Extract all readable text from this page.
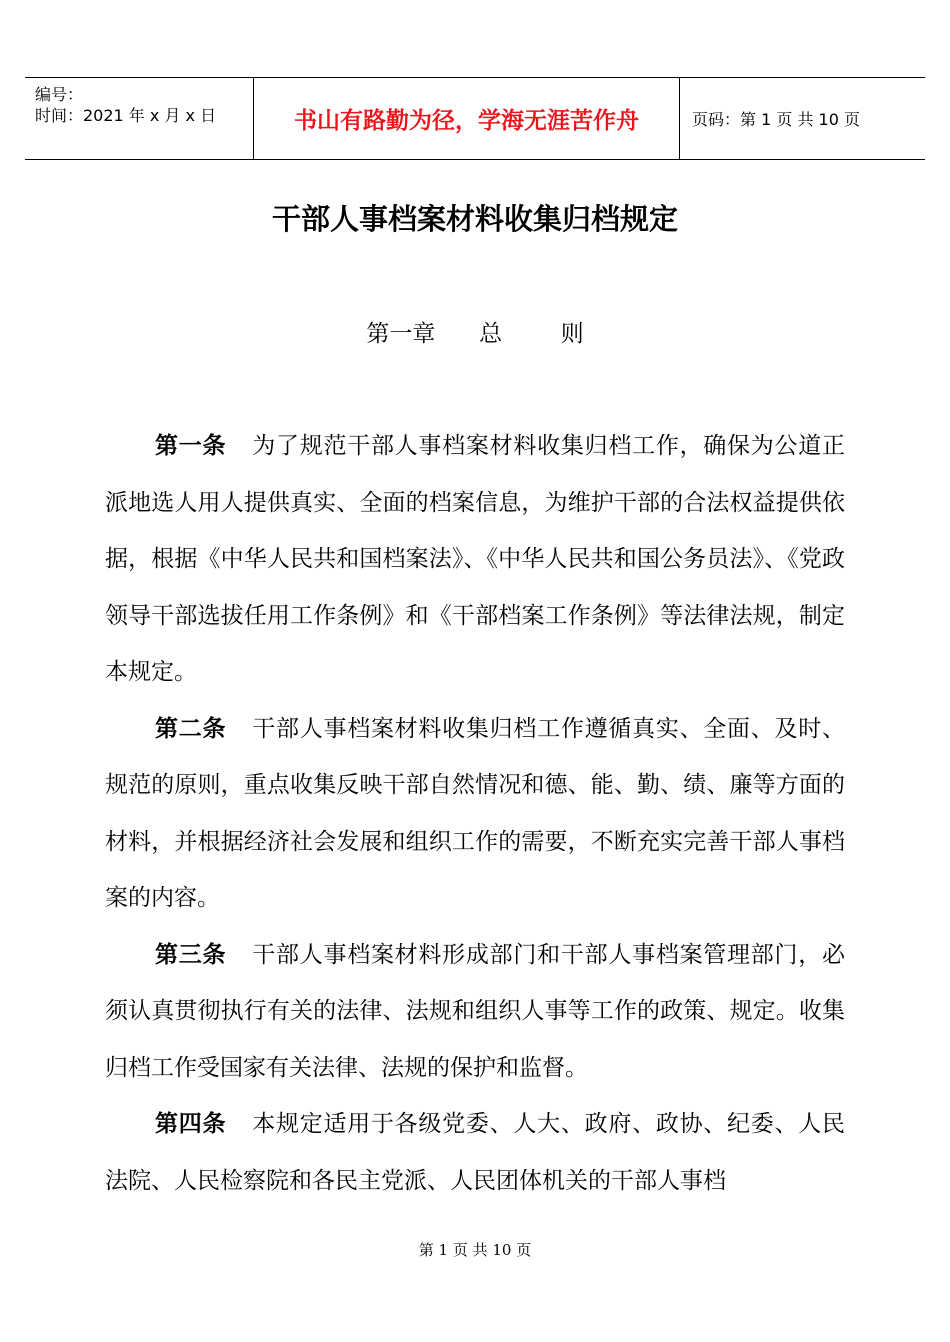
编号：
时间：2021 年 x 月 x 日	书山有路勤为径，学海无涯苦作舟	页码：第 1 页 共 10 页
干部人事档案材料收集归档规定
第一章      总        则

第一条 为了规范干部人事档案材料收集归档工作，确保为公道正派地选人用人提供真实、全面的档案信息，为维护干部的合法权益提供依据，根据《中华人民共和国档案法》、《中华人民共和国公务员法》、《党政领导干部选拔任用工作条例》和《干部档案工作条例》等法律法规，制定本规定。

第二条 干部人事档案材料收集归档工作遵循真实、全面、及时、规范的原则，重点收集反映干部自然情况和德、能、勤、绩、廉等方面的材料，并根据经济社会发展和组织工作的需要，不断充实完善干部人事档案的内容。

第三条 干部人事档案材料形成部门和干部人事档案管理部门，必须认真贯彻执行有关的法律、法规和组织人事等工作的政策、规定。收集归档工作受国家有关法律、法规的保护和监督。

第四条 本规定适用于各级党委、人大、政府、政协、纪委、人民法院、人民检察院和各民主党派、人民团体机关的干部人事档

第 1 页 共 10 页
